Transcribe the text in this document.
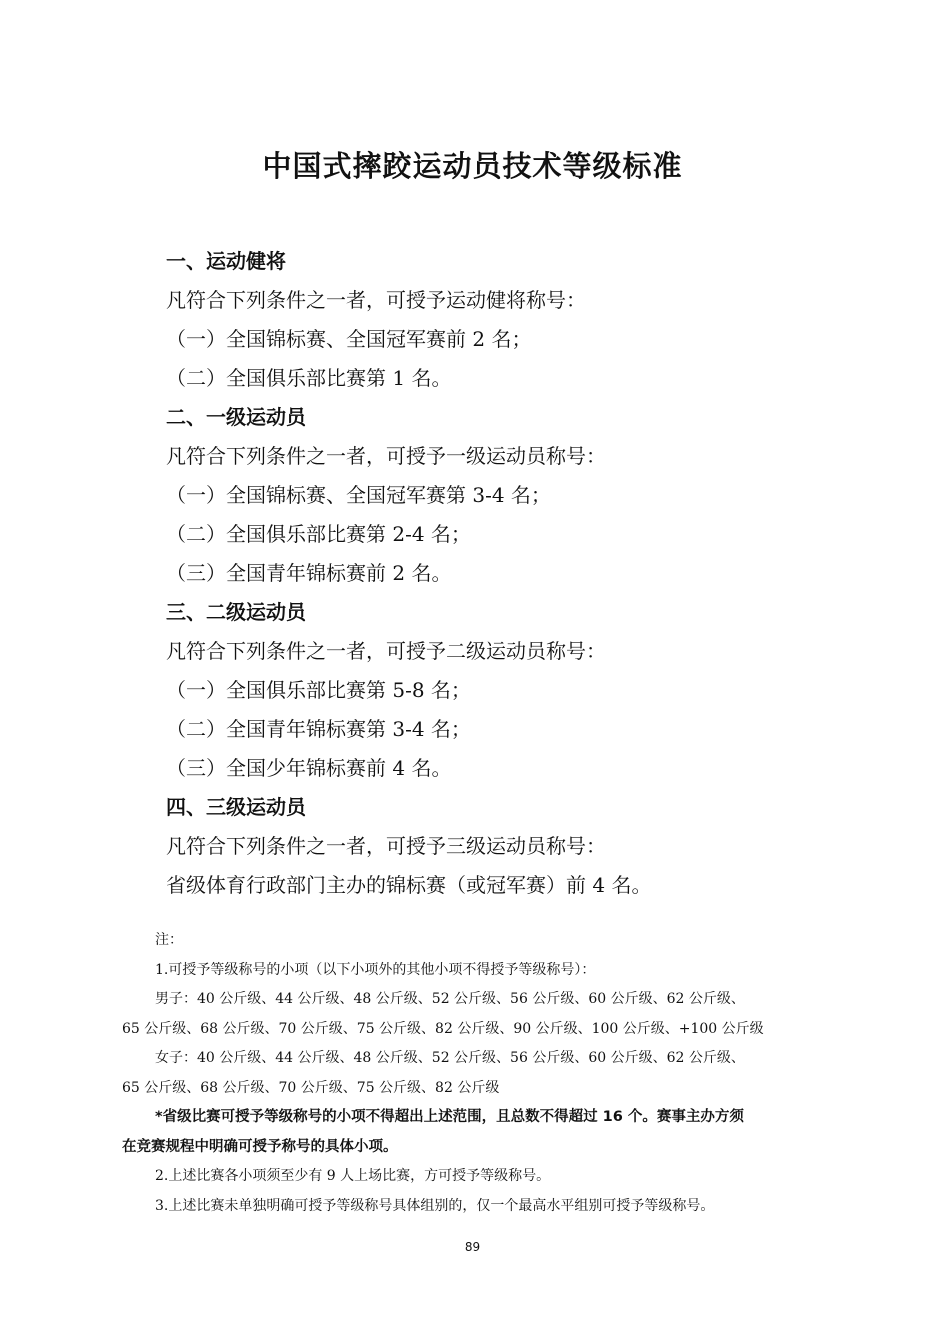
中国式摔跤运动员技术等级标准

一、运动健将

凡符合下列条件之一者，可授予运动健将称号：

（一）全国锦标赛、全国冠军赛前 2 名；

（二）全国俱乐部比赛第 1 名。

二、一级运动员

凡符合下列条件之一者，可授予一级运动员称号：

（一）全国锦标赛、全国冠军赛第 3-4 名；

（二）全国俱乐部比赛第 2-4 名；

（三）全国青年锦标赛前 2 名。

三、二级运动员

凡符合下列条件之一者，可授予二级运动员称号：

（一）全国俱乐部比赛第 5-8 名；

（二）全国青年锦标赛第 3-4 名；

（三）全国少年锦标赛前 4 名。

四、三级运动员

凡符合下列条件之一者，可授予三级运动员称号：

省级体育行政部门主办的锦标赛（或冠军赛）前 4 名。

注：

1.可授予等级称号的小项（以下小项外的其他小项不得授予等级称号）：

男子：40 公斤级、44 公斤级、48 公斤级、52 公斤级、56 公斤级、60 公斤级、62 公斤级、

65 公斤级、68 公斤级、70 公斤级、75 公斤级、82 公斤级、90 公斤级、100 公斤级、+100 公斤级

女子：40 公斤级、44 公斤级、48 公斤级、52 公斤级、56 公斤级、60 公斤级、62 公斤级、

65 公斤级、68 公斤级、70 公斤级、75 公斤级、82 公斤级

*省级比赛可授予等级称号的小项不得超出上述范围，且总数不得超过 16 个。赛事主办方须

在竞赛规程中明确可授予称号的具体小项。

2.上述比赛各小项须至少有 9 人上场比赛，方可授予等级称号。

3.上述比赛未单独明确可授予等级称号具体组别的，仅一个最高水平组别可授予等级称号。

89
